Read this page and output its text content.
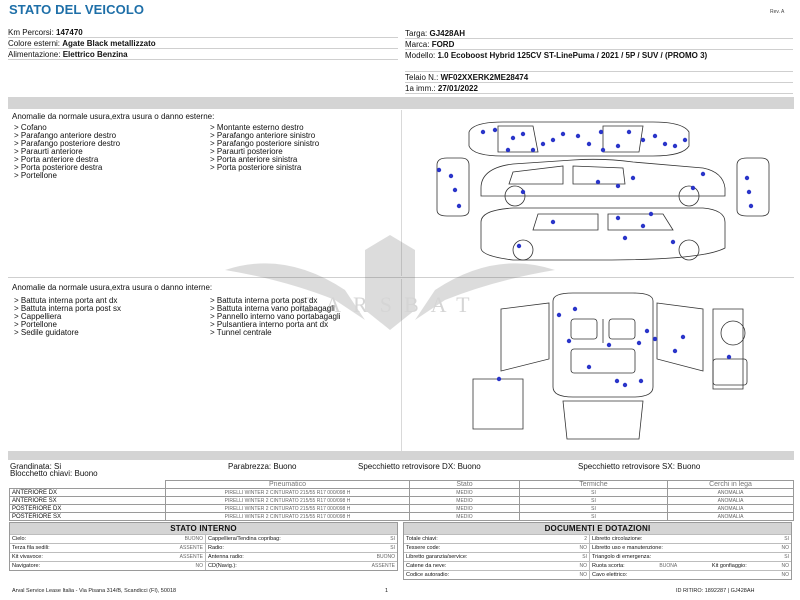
STATO DEL VEICOLO	Rev. A
Km Percorsi: 147470
Colore esterni: Agate Black metallizzato
Alimentazione: Elettrico Benzina
Targa: GJ428AH
Marca: FORD
Modello: 1.0 Ecoboost Hybrid 125CV ST-LinePuma / 2021 / 5P / SUV / (PROMO 3)
Telaio N.: WF02XXERK2ME28474
1a imm.: 27/01/2022
Anomalie da normale usura,extra usura o danno esterne:
> Cofano
> Parafango anteriore destro
> Parafango posteriore destro
> Paraurti anteriore
> Porta anteriore destra
> Porta posteriore destra
> Portellone
> Montante esterno destro
> Parafango anteriore sinistro
> Parafango posteriore sinistro
> Paraurti posteriore
> Porta anteriore sinistra
> Porta posteriore sinistra
Anomalie da normale usura,extra usura o danno interne:
> Battuta interna porta ant dx
> Battuta interna porta post sx
> Cappelliera
> Portellone
> Sedile guidatore
> Battuta interna porta post dx
> Battuta interna vano portabagagli
> Pannello interno vano portabagagli
> Pulsantiera interno porta ant dx
> Tunnel centrale
CARSBAT
Grandinata: Si
Blocchetto chiavi: Buono
Parabrezza: Buono	Specchietto retrovisore DX: Buono	Specchietto retrovisore SX: Buono
	Pneumatico	Stato	Termiche	Cerchi in lega
ANTERIORE DX	PIRELLI WINTER 2 CINTURATO 215/55 R17 000/098 H	MEDIO	SI	ANOMALIA
ANTERIORE SX	PIRELLI WINTER 2 CINTURATO 215/55 R17 000/098 H	MEDIO	SI	ANOMALIA
POSTERIORE DX	PIRELLI WINTER 2 CINTURATO 215/55 R17 000/098 H	MEDIO	SI	ANOMALIA
POSTERIORE SX	PIRELLI WINTER 2 CINTURATO 215/55 R17 000/098 H	MEDIO	SI	ANOMALIA
STATO INTERNO
Cielo:	BUONO Cappelliera/Tendina copribag:	SI
Terza fila sedili:	ASSENTE Radio:	SI
Kit vivavoce:	ASSENTE Antenna radio:	BUONO
Navigatore:	NO CD(Navig.):	ASSENTE
DOCUMENTI E DOTAZIONI
Totale chiavi:	2 Libretto circolazione:	SI
Tessere code:	NO Libretto uso e manutenzione:	NO
Libretto garanzia/service:	SI Triangolo di emergenza:	SI
Catene da neve:	NO Ruota scorta:	BUONA	Kit gonfiaggio:	NO
Codice autoradio:	NO Cavo elettrico:	NO
Arval Service Lease Italia - Via Pisana 314/B, Scandicci (FI), 50018	1	ID RITIRO: 1892287 | GJ428AH
